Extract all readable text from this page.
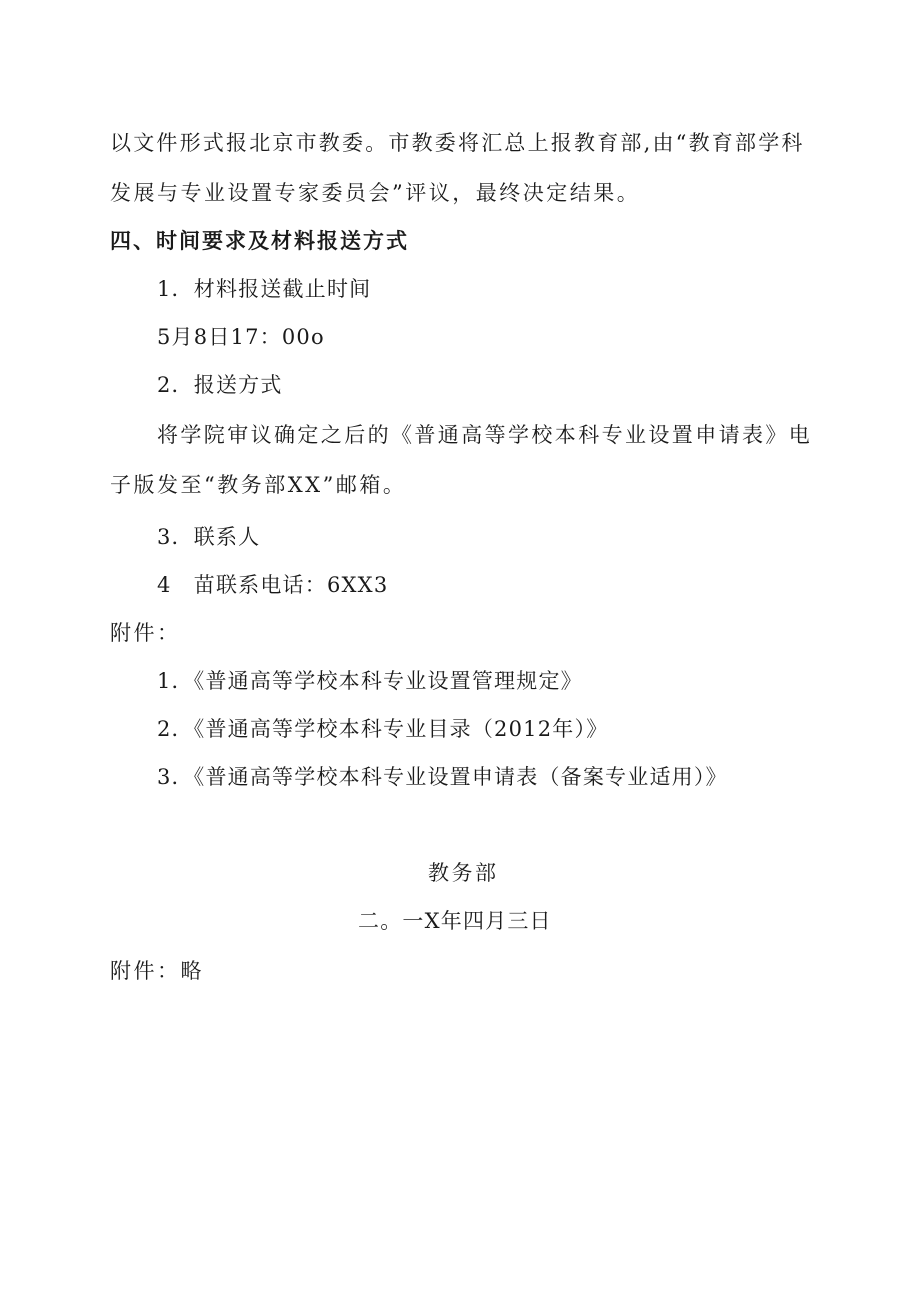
以文件形式报北京市教委。市教委将汇总上报教育部,由“教育部学科
发展与专业设置专家委员会”评议，最终决定结果。
四、时间要求及材料报送方式
1．材料报送截止时间
5月8日17：00o
2．报送方式
将学院审议确定之后的《普通高等学校本科专业设置申请表》电
子版发至“教务部XX”邮箱。
3．联系人
4　苗联系电话：6XX3
附件：
1．《普通高等学校本科专业设置管理规定》
2．《普通高等学校本科专业目录（2012年）》
3．《普通高等学校本科专业设置申请表（备案专业适用）》
教务部
二。一X年四月三日
附件：略
